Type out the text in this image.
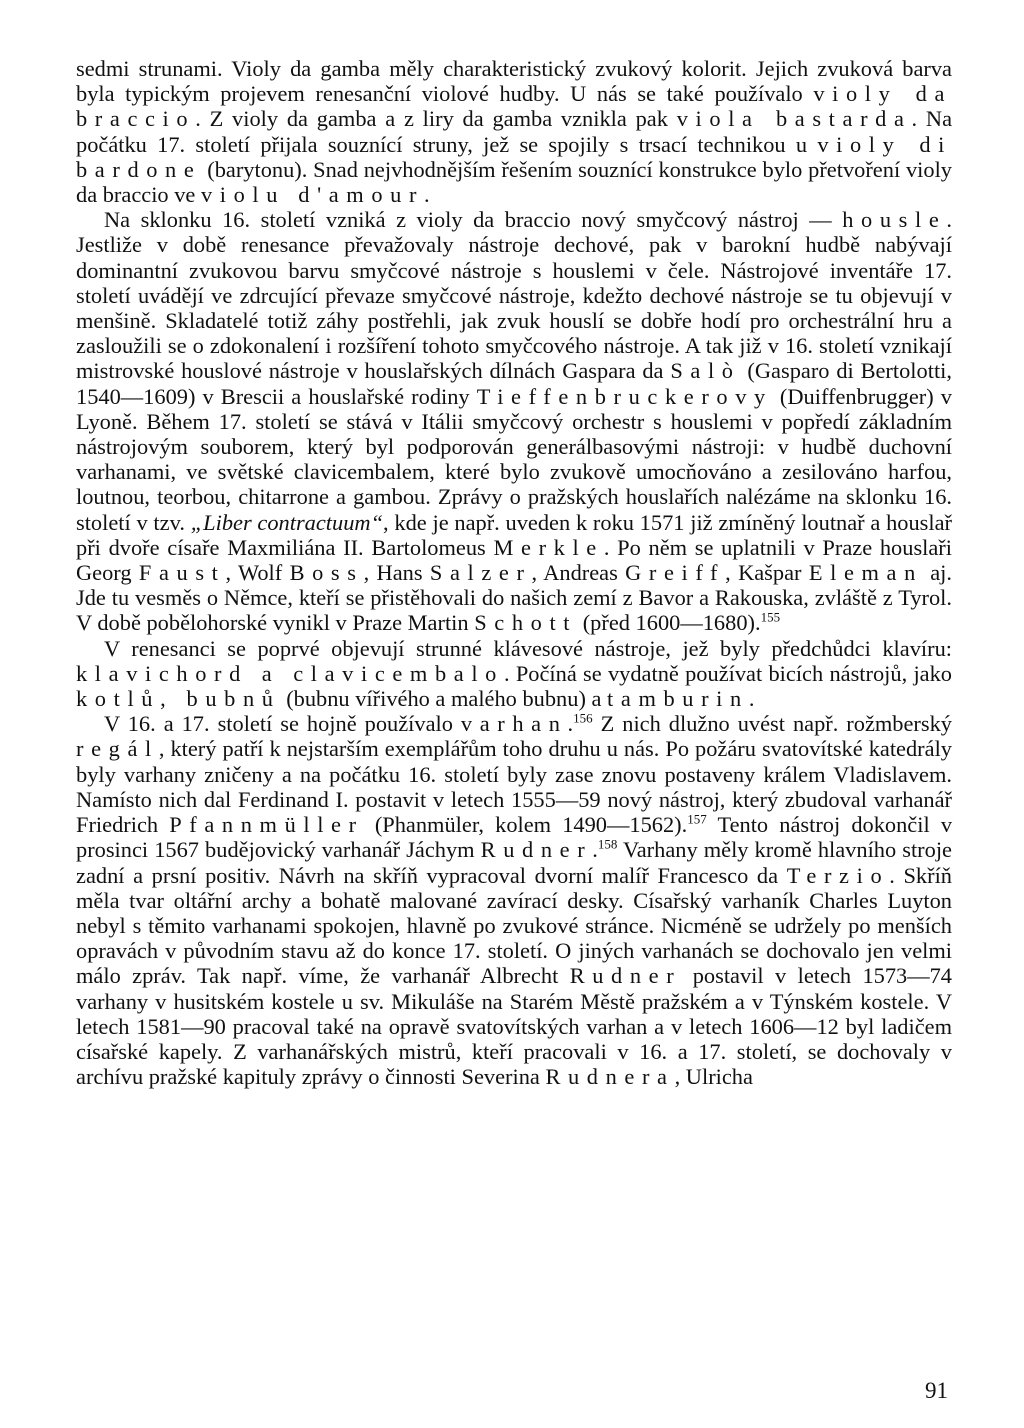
sedmi strunami. Violy da gamba měly charakteristický zvukový kolorit. Jejich zvuková barva byla typickým projevem renesanční violové hudby. U nás se také používalo violy da braccio. Z violy da gamba a z liry da gamba vznikla pak viola bastarda. Na počátku 17. století přijala souznící struny, jež se spojily s trsací technikou u violy di bardone (barytonu). Snad nejvhodnějším řešením souznící konstrukce bylo přetvoření violy da braccio ve violu d'amour.

Na sklonku 16. století vzniká z violy da braccio nový smyčcový nástroj — housle. Jestliže v době renesance převažovaly nástroje dechové, pak v barokní hudbě nabývají dominantní zvukovou barvu smyčcové nástroje s houslemi v čele. Nástrojové inventáře 17. století uvádějí ve zdrcující převaze smyčcové nástroje, kdežto dechové nástroje se tu objevují v menšině. Skladatelé totiž záhy postřehli, jak zvuk houslí se dobře hodí pro orchestrální hru a zasloužili se o zdokonalení i rozšíření tohoto smyčcového nástroje. A tak již v 16. století vznikají mistrovské houslové nástroje v houslařských dílnách Gaspara da Salò (Gasparo di Bertolotti, 1540—1609) v Brescii a houslařské rodiny Tieffenbruckerovy (Duiffenbrugger) v Lyoně. Během 17. století se stává v Itálii smyčcový orchestr s houslemi v popředí základním nástrojovým souborem, který byl podporován generálbasovými nástroji: v hudbě duchovní varhanami, ve světské clavicembalem, které bylo zvukově umocňováno a zesilováno harfou, loutnou, teorbou, chitarrone a gambou. Zprávy o pražských houslařích nalézáme na sklonku 16. století v tzv. „Liber contractuum“, kde je např. uveden k roku 1571 již zmíněný loutnař a houslař při dvoře císaře Maxmiliána II. Bartolomeus Merkle. Po něm se uplatnili v Praze houslaři Georg Faust, Wolf Boss, Hans Salzer, Andreas Greiff, Kašpar Eleman aj. Jde tu vesměs o Němce, kteří se přistěhovali do našich zemí z Bavor a Rakouska, zvláště z Tyrol. V době pobělohorské vynikl v Praze Martin Schott (před 1600—1680).$^{155}$

V renesanci se poprvé objevují strunné klávesové nástroje, jež byly předchůdci klavíru: klavichord a clavicembalo. Počíná se vydatně používat bicích nástrojů, jako kotlů, bubnů (bubnu vířivého a malého bubnu) a tamburin.

V 16. a 17. století se hojně používalo varhan.$^{156}$ Z nich dlužno uvést např. rožmberský regál, který patří k nejstarším exemplářům toho druhu u nás. Po požáru svatovítské katedrály byly varhany zničeny a na počátku 16. století byly zase znovu postaveny králem Vladislavem. Namísto nich dal Ferdinand I. postavit v letech 1555—59 nový nástroj, který zbudoval varhanář Friedrich Pfannmüller (Phanmüler, kolem 1490—1562).$^{157}$ Tento nástroj dokončil v prosinci 1567 budějovický varhanář Jáchym Rudner.$^{158}$ Varhany měly kromě hlavního stroje zadní a prsní positiv. Návrh na skříň vypracoval dvorní malíř Francesco da Terzio. Skříň měla tvar oltářní archy a bohatě malované zavírací desky. Císařský varhaník Charles Luyton nebyl s těmito varhanami spokojen, hlavně po zvukové stránce. Nicméně se udržely po menších opravách v původním stavu až do konce 17. století. O jiných varhanách se dochovalo jen velmi málo zpráv. Tak např. víme, že varhanář Albrecht Rudner postavil v letech 1573—74 varhany v husitském kostele u sv. Mikuláše na Starém Městě pražském a v Týnském kostele. V letech 1581—90 pracoval také na opravě svatovítských varhan a v letech 1606—12 byl ladičem císařské kapely. Z varhanářských mistrů, kteří pracovali v 16. a 17. století, se dochovaly v archívu pražské kapituly zprávy o činnosti Severina Rudnera, Ulricha

91
